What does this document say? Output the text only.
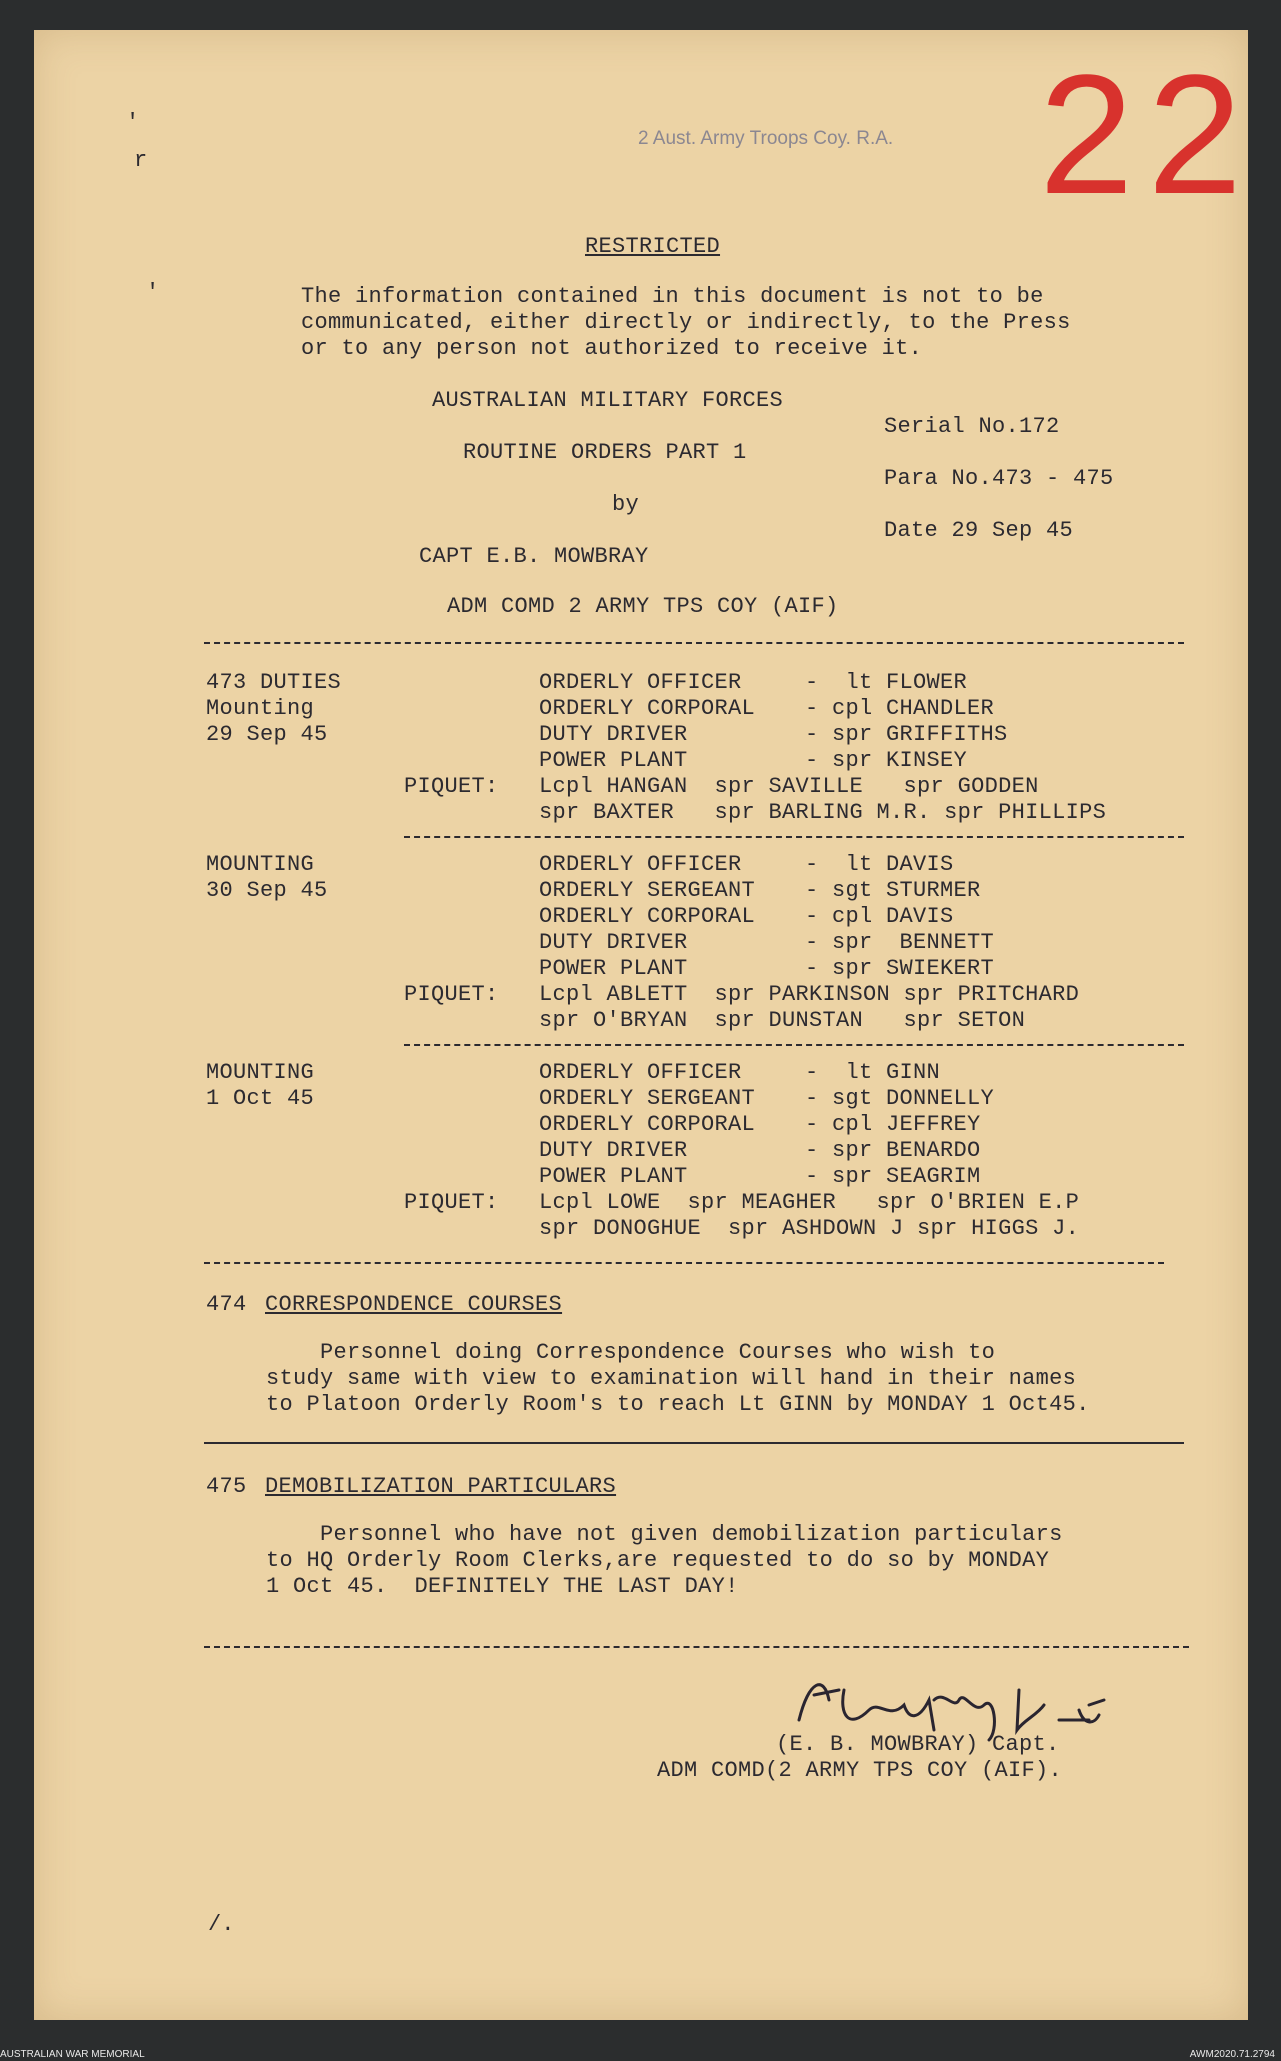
2 Aust. Army Troops Coy. R.A. 22
'
r
'
/.
RESTRICTED
The information contained in this document is not to be
communicated, either directly or indirectly, to the Press
or to any person not authorized to receive it.
AUSTRALIAN MILITARY FORCES
Serial No.172
ROUTINE ORDERS PART 1
Para No.473 - 475
by
Date 29 Sep 45
CAPT E.B. MOWBRAY
ADM COMD 2 ARMY TPS COY (AIF)
473 DUTIES
Mounting
29 Sep 45
ORDERLY OFFICER	-  lt FLOWER
ORDERLY CORPORAL - cpl CHANDLER
DUTY DRIVER	- spr GRIFFITHS
POWER PLANT	- spr KINSEY
PIQUET: Lcpl HANGAN  spr SAVILLE   spr GODDEN
spr BAXTER   spr BARLING M.R. spr PHILLIPS
MOUNTING
30 Sep 45
ORDERLY OFFICER	-  lt DAVIS
ORDERLY SERGEANT - sgt STURMER
ORDERLY CORPORAL - cpl DAVIS
DUTY DRIVER	- spr  BENNETT
POWER PLANT	- spr SWIEKERT
PIQUET: Lcpl ABLETT  spr PARKINSON spr PRITCHARD
spr O'BRYAN  spr DUNSTAN   spr SETON
MOUNTING
1 Oct 45
ORDERLY OFFICER	-  lt GINN
ORDERLY SERGEANT - sgt DONNELLY
ORDERLY CORPORAL - cpl JEFFREY
DUTY DRIVER	- spr BENARDO
POWER PLANT	- spr SEAGRIM
PIQUET: Lcpl LOWE  spr MEAGHER   spr O'BRIEN E.P
spr DONOGHUE  spr ASHDOWN J spr HIGGS J.
474 CORRESPONDENCE COURSES
Personnel doing Correspondence Courses who wish to
study same with view to examination will hand in their names
to Platoon Orderly Room's to reach Lt GINN by MONDAY 1 Oct45.
475 DEMOBILIZATION PARTICULARS
Personnel who have not given demobilization particulars
to HQ Orderly Room Clerks,are requested to do so by MONDAY
1 Oct 45.  DEFINITELY THE LAST DAY!
(E. B. MOWBRAY) Capt.
ADM COMD(2 ARMY TPS COY (AIF).
AUSTRALIAN WAR MEMORIAL	AWM2020.71.2794
